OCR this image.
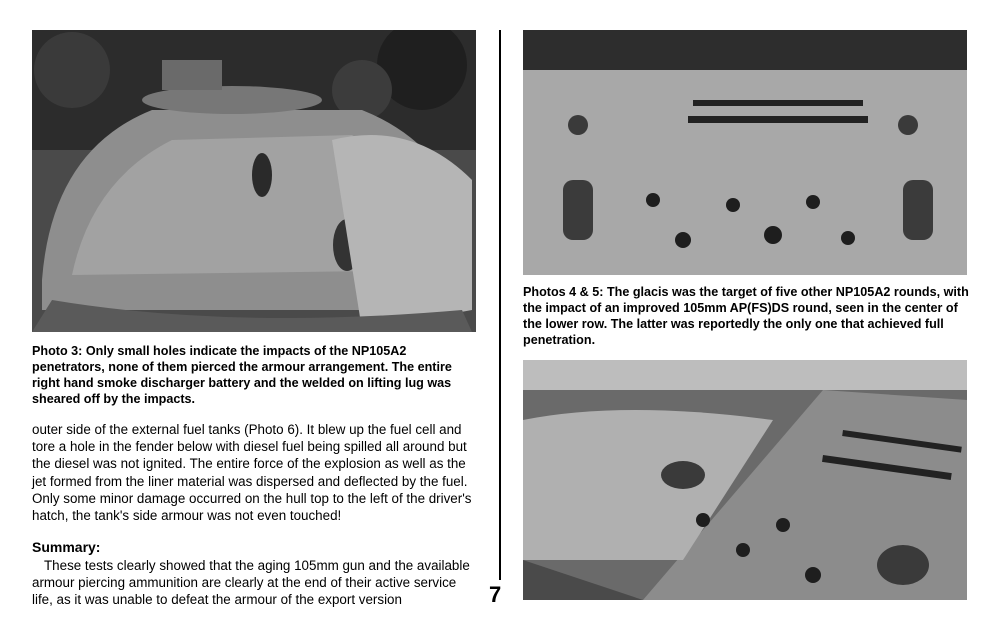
Photo 3: Only small holes indicate the impacts of the NP105A2 penetrators, none of them pierced the armour arrangement. The entire right hand smoke discharger battery and the welded on lifting lug was sheared off by the impacts.

outer side of the external fuel tanks (Photo 6). It blew up the fuel cell and tore a hole in the fender below with diesel fuel being spilled all around but the diesel was not ignited. The entire force of the explosion as well as the jet formed from the liner material was dispersed and deflected by the fuel. Only some minor damage occurred on the hull top to the left of the driver's hatch, the tank's side armour was not even touched!

Summary:

These tests clearly showed that the aging 105mm gun and the available armour piercing ammunition are clearly at the end of their active service life, as it was unable to defeat the armour of the export version	7

Photos 4 & 5: The glacis was the target of five other NP105A2 rounds, with the impact of an improved 105mm AP(FS)DS round, seen in the center of the lower row. The latter was reportedly the only one that achieved full penetration.
